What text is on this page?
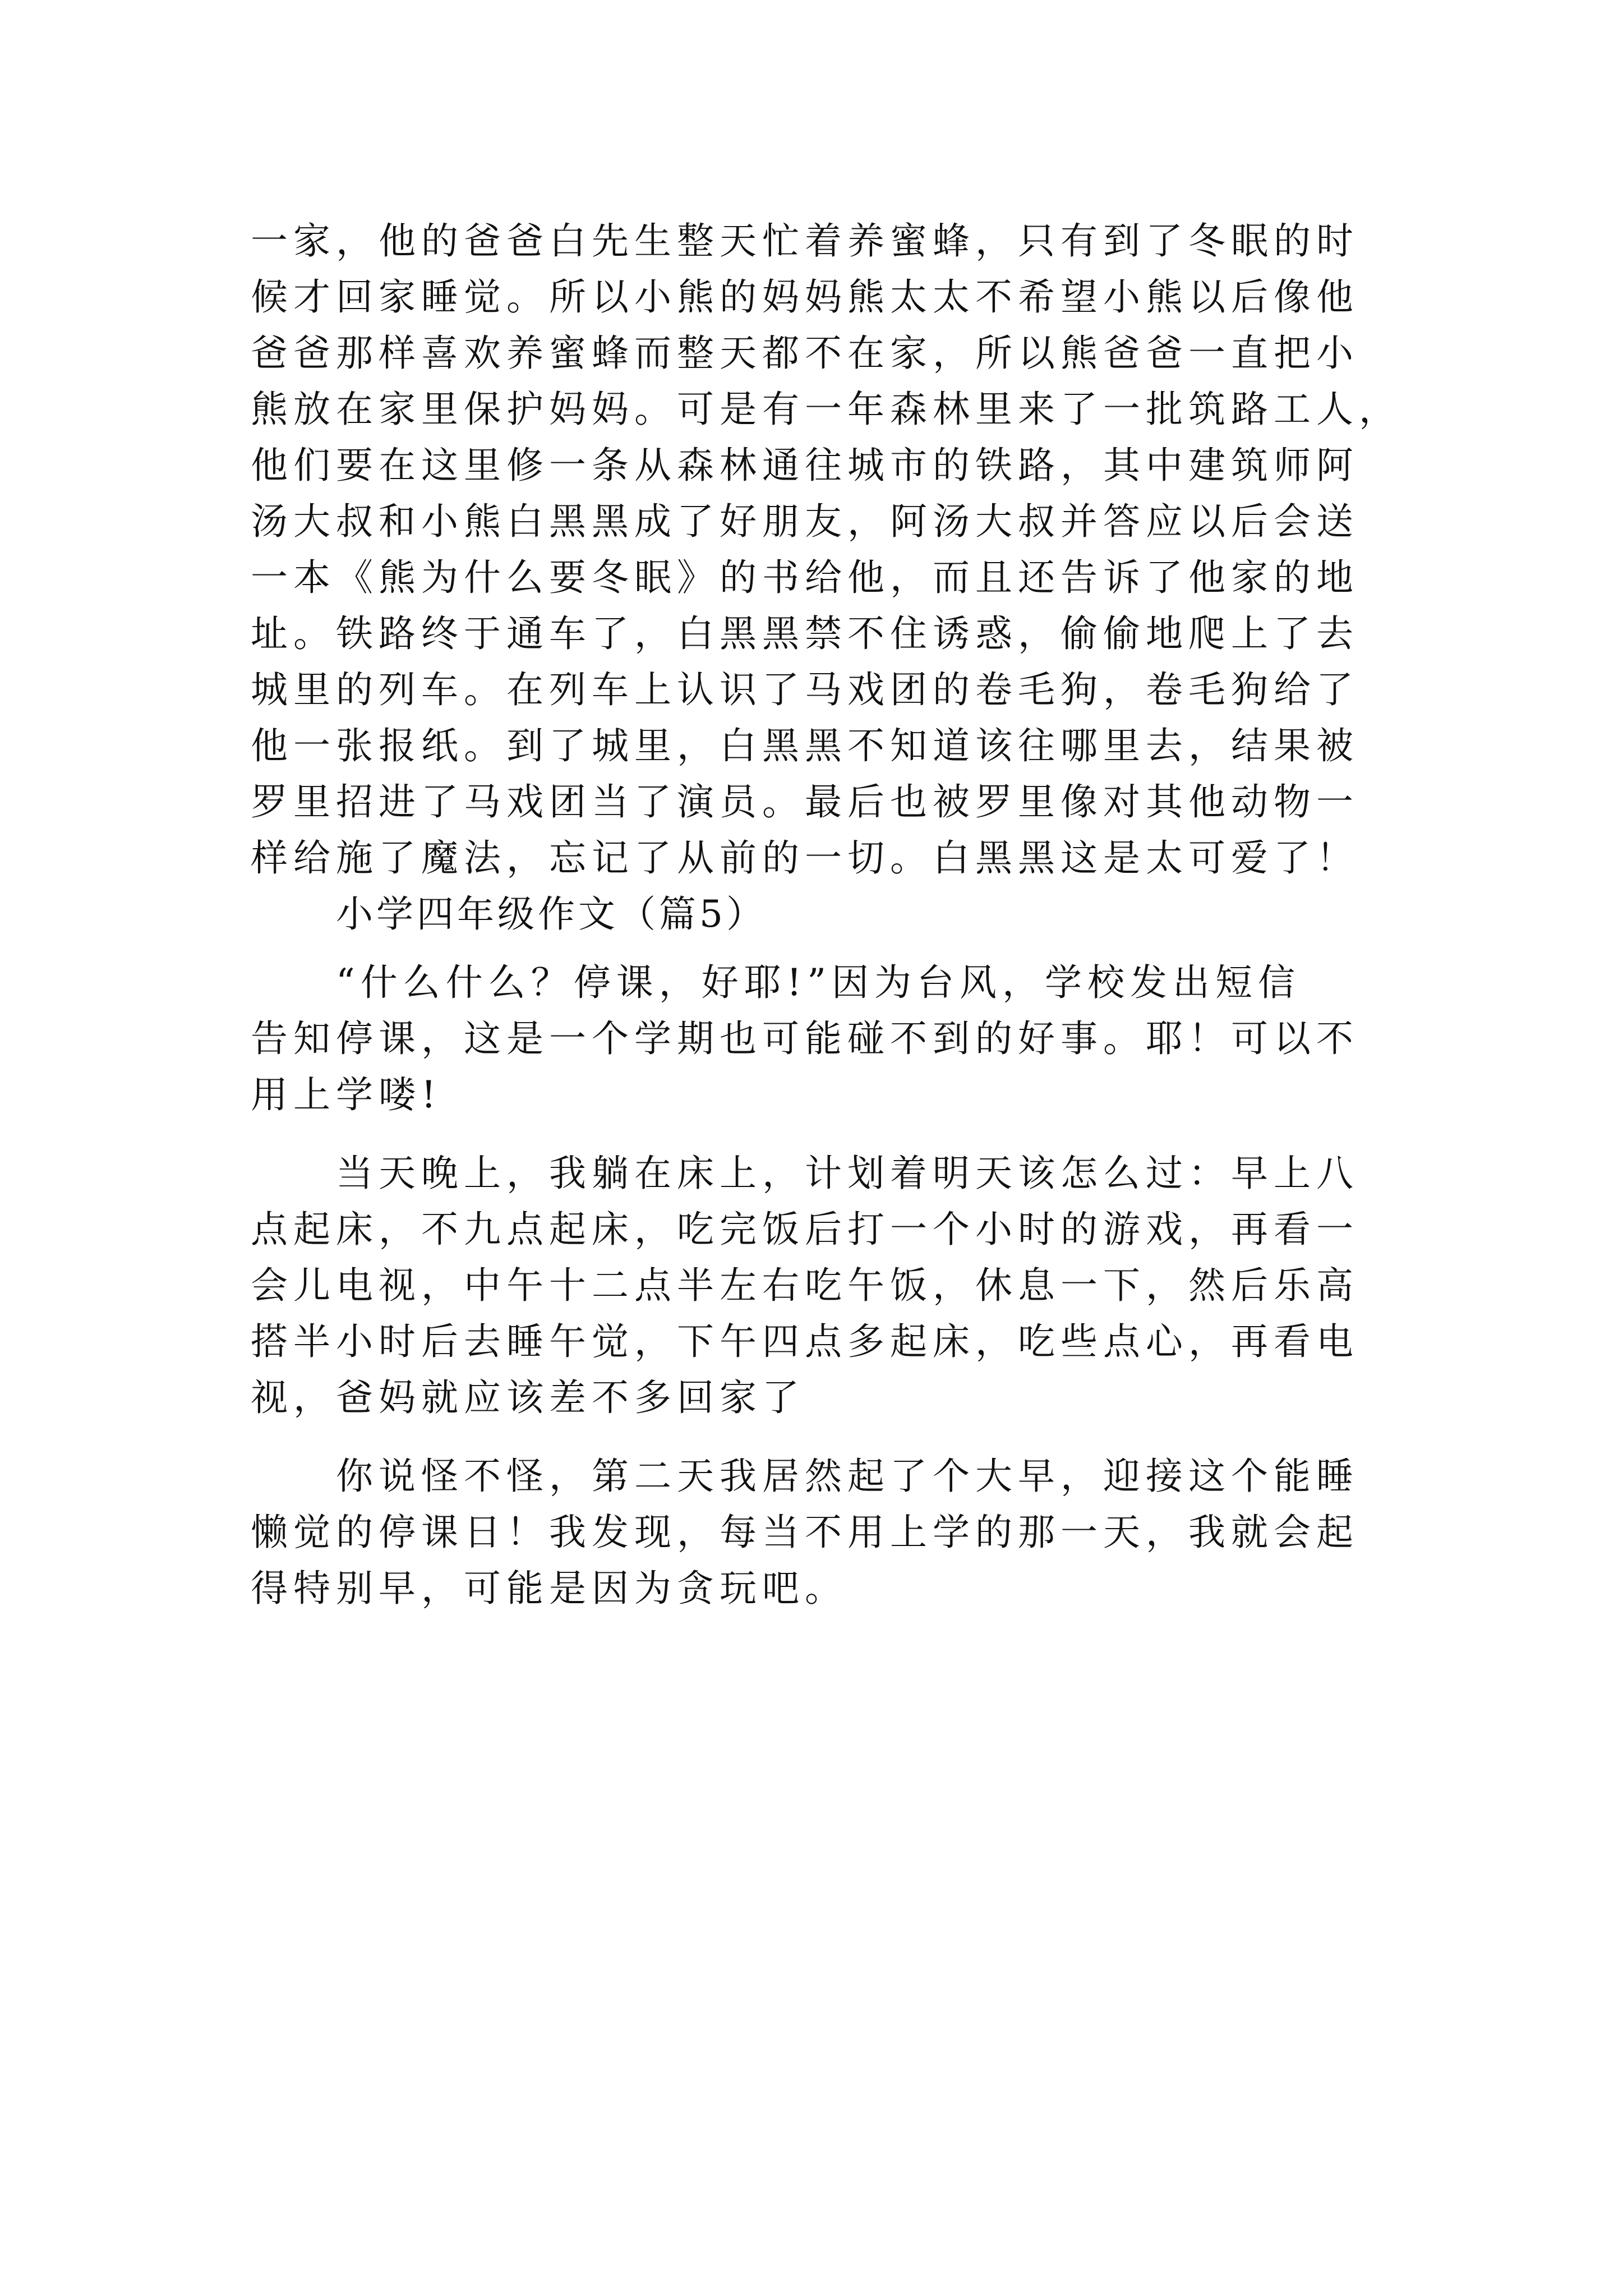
一家，他的爸爸白先生整天忙着养蜜蜂，只有到了冬眠的时
候才回家睡觉。所以小熊的妈妈熊太太不希望小熊以后像他
爸爸那样喜欢养蜜蜂而整天都不在家，所以熊爸爸一直把小
熊放在家里保护妈妈。可是有一年森林里来了一批筑路工人，
他们要在这里修一条从森林通往城市的铁路，其中建筑师阿
汤大叔和小熊白黑黑成了好朋友，阿汤大叔并答应以后会送
一本《熊为什么要冬眠》的书给他，而且还告诉了他家的地
址。铁路终于通车了，白黑黑禁不住诱惑，偷偷地爬上了去
城里的列车。在列车上认识了马戏团的卷毛狗，卷毛狗给了
他一张报纸。到了城里，白黑黑不知道该往哪里去，结果被
罗里招进了马戏团当了演员。最后也被罗里像对其他动物一
样给施了魔法，忘记了从前的一切。白黑黑这是太可爱了！
小学四年级作文（篇5）
“什么什么？停课，好耶!”因为台风，学校发出短信
告知停课，这是一个学期也可能碰不到的好事。耶！可以不
用上学喽!
当天晚上，我躺在床上，计划着明天该怎么过：早上八
点起床，不九点起床，吃完饭后打一个小时的游戏，再看一
会儿电视，中午十二点半左右吃午饭，休息一下，然后乐高
搭半小时后去睡午觉，下午四点多起床，吃些点心，再看电
视，爸妈就应该差不多回家了
你说怪不怪，第二天我居然起了个大早，迎接这个能睡
懒觉的停课日！我发现，每当不用上学的那一天，我就会起
得特别早，可能是因为贪玩吧。
